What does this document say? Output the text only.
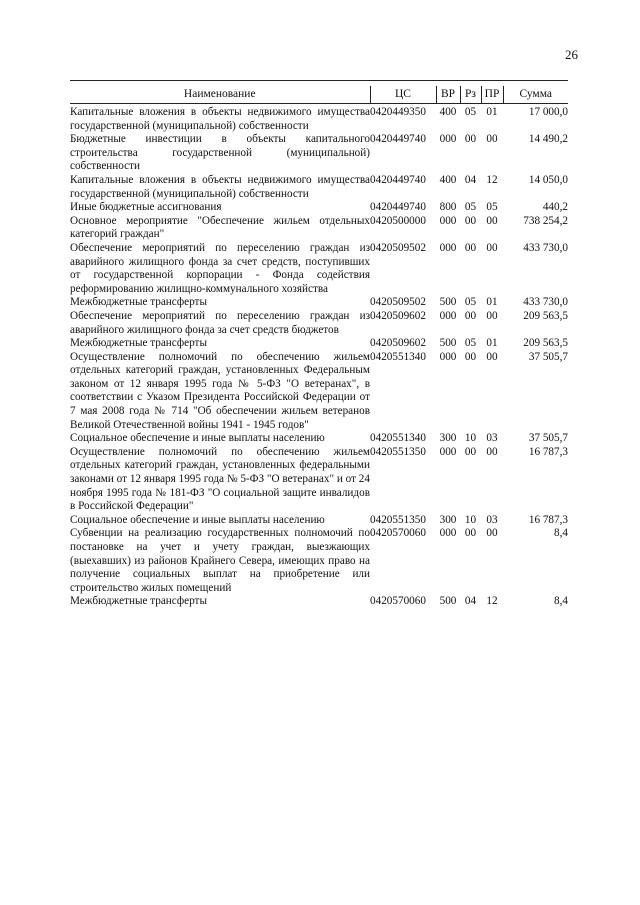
26
Наименование	ЦС	ВР	Рз	ПР	Сумма
Капитальные вложения в объекты недвижимого имущества государственной (муниципальной) собственности	0420449350	400	05	01	17 000,0
Бюджетные инвестиции в объекты капитального строительства государственной (муниципальной) собственности	0420449740	000	00	00	14 490,2
Капитальные вложения в объекты недвижимого имущества государственной (муниципальной) собственности	0420449740	400	04	12	14 050,0
Иные бюджетные ассигнования	0420449740	800	05	05	440,2
Основное мероприятие "Обеспечение жильем отдельных категорий граждан"	0420500000	000	00	00	738 254,2
Обеспечение мероприятий по переселению граждан из аварийного жилищного фонда за счет средств, поступивших от государственной корпорации - Фонда содействия реформированию жилищно-коммунального хозяйства	0420509502	000	00	00	433 730,0
Межбюджетные трансферты	0420509502	500	05	01	433 730,0
Обеспечение мероприятий по переселению граждан из аварийного жилищного фонда за счет средств бюджетов	0420509602	000	00	00	209 563,5
Межбюджетные трансферты	0420509602	500	05	01	209 563,5
Осуществление полномочий по обеспечению жильем отдельных категорий граждан, установленных Федеральным законом от 12 января 1995 года № 5-ФЗ "О ветеранах", в соответствии с Указом Президента Российской Федерации от 7 мая 2008 года № 714 "Об обеспечении жильем ветеранов Великой Отечественной войны 1941 - 1945 годов"	0420551340	000	00	00	37 505,7
Социальное обеспечение и иные выплаты населению	0420551340	300	10	03	37 505,7
Осуществление полномочий по обеспечению жильем отдельных категорий граждан, установленных федеральными законами от 12 января 1995 года № 5-ФЗ "О ветеранах" и от 24 ноября 1995 года № 181-ФЗ "О социальной защите инвалидов в Российской Федерации"	0420551350	000	00	00	16 787,3
Социальное обеспечение и иные выплаты населению	0420551350	300	10	03	16 787,3
Субвенции на реализацию государственных полномочий по постановке на учет и учету граждан, выезжающих (выехавших) из районов Крайнего Севера, имеющих право на получение социальных выплат на приобретение или строительство жилых помещений	0420570060	000	00	00	8,4
Межбюджетные трансферты	0420570060	500	04	12	8,4
